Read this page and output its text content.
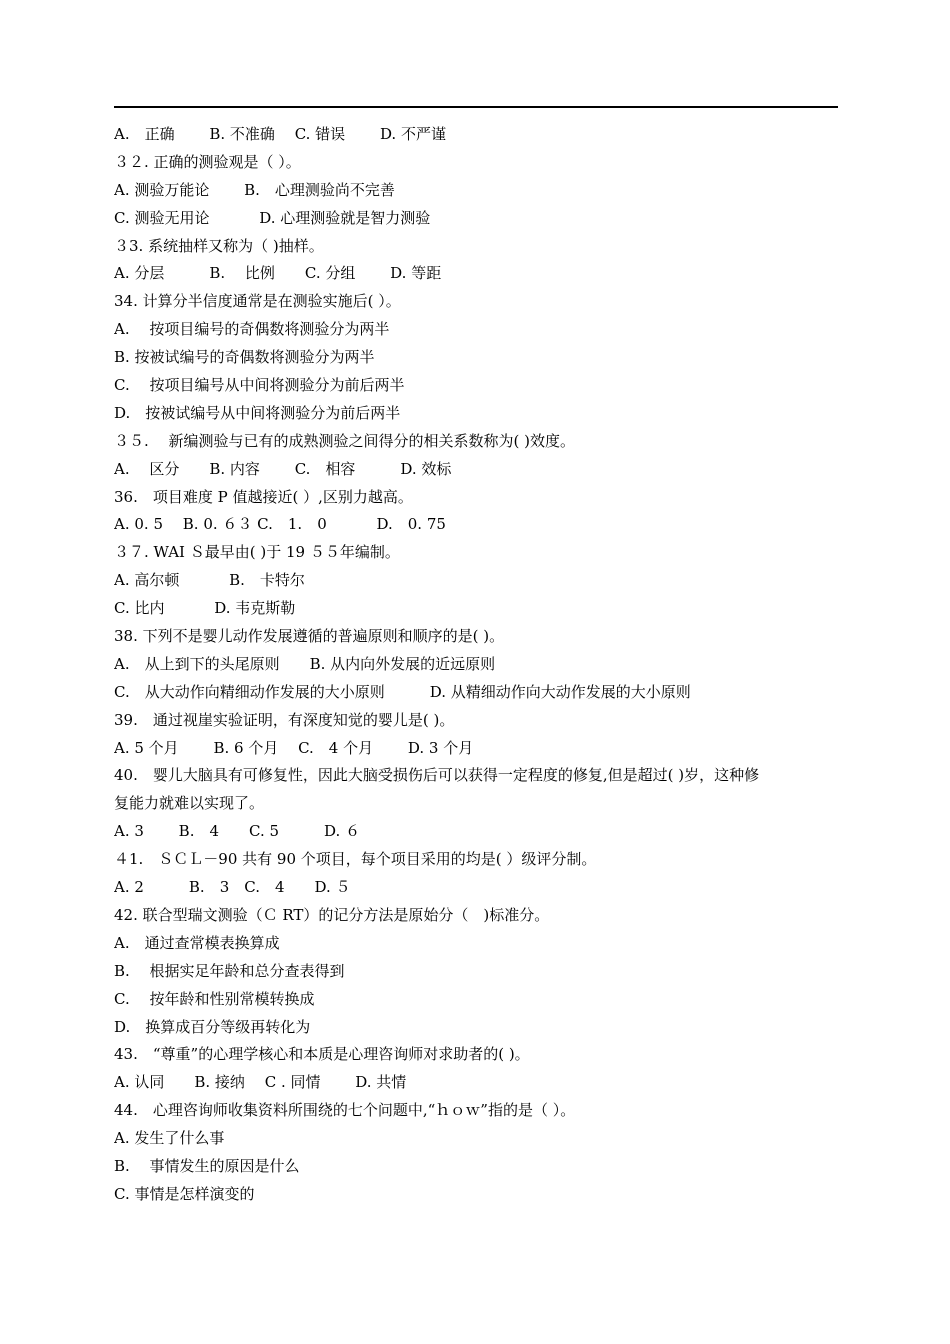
A.　正确　　 B. 不准确　 C. 错误　　 D. 不严谨
３２. 正确的测验观是（ ）。
A. 测验万能论　　 B.　心理测验尚不完善
C. 测验无用论　　　 D. 心理测验就是智力测验
３3. 系统抽样又称为（ )抽样。
A. 分层　　　B.　 比例　　C. 分组　　 D. 等距
34. 计算分半信度通常是在测验实施后( ）。
A.　 按项目编号的奇偶数将测验分为两半
B. 按被试编号的奇偶数将测验分为两半
C.　 按项目编号从中间将测验分为前后两半
D.　按被试编号从中间将测验分为前后两半
３５.　 新编测验与已有的成熟测验之间得分的相关系数称为( )效度。
A.　 区分　　B. 内容　　 C.　相容　　　D. 效标
36.　项目难度 P 值越接近( ）,区别力越高。
A. 0. 5　 B. 0. ６３ C.　1.　0　　　 D.　0. 75
３７. WAI Ｓ最早由( )于 19 ５５年编制。
A. 高尔顿　　　 B.　卡特尔
C. 比内　　　 D. 韦克斯勒
38. 下列不是婴儿动作发展遵循的普遍原则和顺序的是( )。
A.　从上到下的头尾原则　　B. 从内向外发展的近远原则
C.　从大动作向精细动作发展的大小原则　　　D. 从精细动作向大动作发展的大小原则
39.　通过视崖实验证明，有深度知觉的婴儿是( )。
A. 5 个月　　 B. 6 个月　 C.　4 个月　　 D. 3 个月
40.　婴儿大脑具有可修复性，因此大脑受损伤后可以获得一定程度的修复,但是超过( )岁，这种修
复能力就难以实现了。
A. 3　　 B.　4　　C. 5　　　D. ６
４1.　ＳＣＬ－90 共有 90 个项目，每个项目采用的均是( ）级评分制。
A. 2　　　B.　3　C.　4　　D. ５
42. 联合型瑞文测验（Ｃ RT）的记分方法是原始分（　)标准分。
A.　通过查常模表换算成
B.　 根据实足年龄和总分查表得到
C.　 按年龄和性别常模转换成
D.　换算成百分等级再转化为
43.　“尊重”的心理学核心和本质是心理咨询师对求助者的( )。
A. 认同　　B. 接纳　 C . 同情　　 D. 共情
44.　心理咨询师收集资料所围绕的七个问题中,“ｈｏｗ”指的是（ ）。
A. 发生了什么事
B.　 事情发生的原因是什么
C. 事情是怎样演变的
